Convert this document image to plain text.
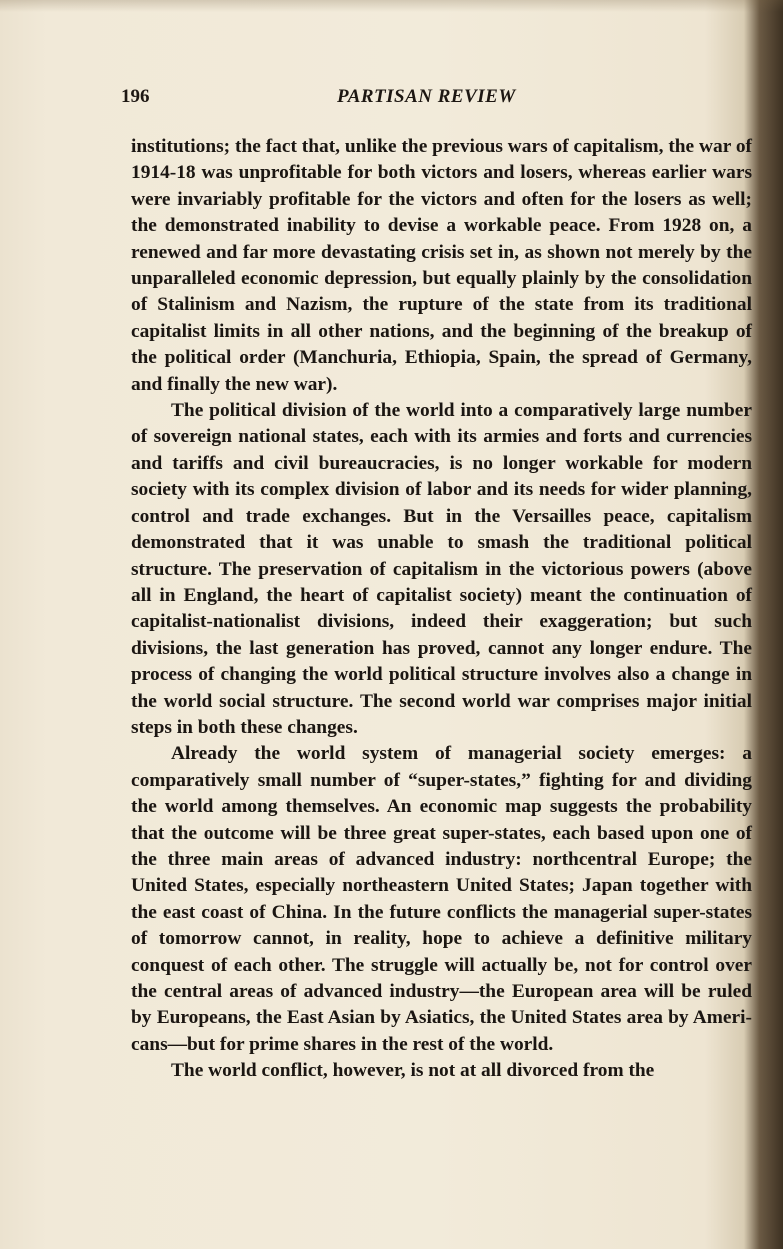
196	PARTISAN REVIEW

institutions; the fact that, unlike the previous wars of capitalism, the war of 1914-18 was unprofitable for both victors and losers, whereas earlier wars were invariably profitable for the victors and often for the losers as well; the demonstrated inability to devise a workable peace. From 1928 on, a renewed and far more devastating crisis set in, as shown not merely by the unparalleled economic depression, but equally plainly by the consolidation of Stalinism and Nazism, the rupture of the state from its traditional capitalist limits in all other nations, and the beginning of the breakup of the political order (Manchuria, Ethiopia, Spain, the spread of Germany, and finally the new war).

The political division of the world into a comparatively large number of sovereign national states, each with its armies and forts and currencies and tariffs and civil bureaucracies, is no longer workable for modern society with its complex division of labor and its needs for wider planning, control and trade exchanges. But in the Versailles peace, capitalism demonstrated that it was unable to smash the traditional political structure. The preservation of capitalism in the victorious powers (above all in England, the heart of capitalist society) meant the continuation of capitalist-nationalist divisions, indeed their exaggeration; but such divisions, the last generation has proved, cannot any longer endure. The process of changing the world political structure involves also a change in the world social structure. The second world war comprises major initial steps in both these changes.

Already the world system of managerial society emerges: a comparatively small number of “super-states,” fighting for and dividing the world among themselves. An economic map suggests the probability that the outcome will be three great super-states, each based upon one of the three main areas of advanced industry: northcentral Europe; the United States, especially northeastern United States; Japan together with the east coast of China. In the future conflicts the managerial super-states of tomorrow cannot, in reality, hope to achieve a definitive military conquest of each other. The struggle will actually be, not for control over the central areas of advanced industry—the European area will be ruled by Europeans, the East Asian by Asiatics, the United States area by Americans—but for prime shares in the rest of the world.

The world conflict, however, is not at all divorced from the
